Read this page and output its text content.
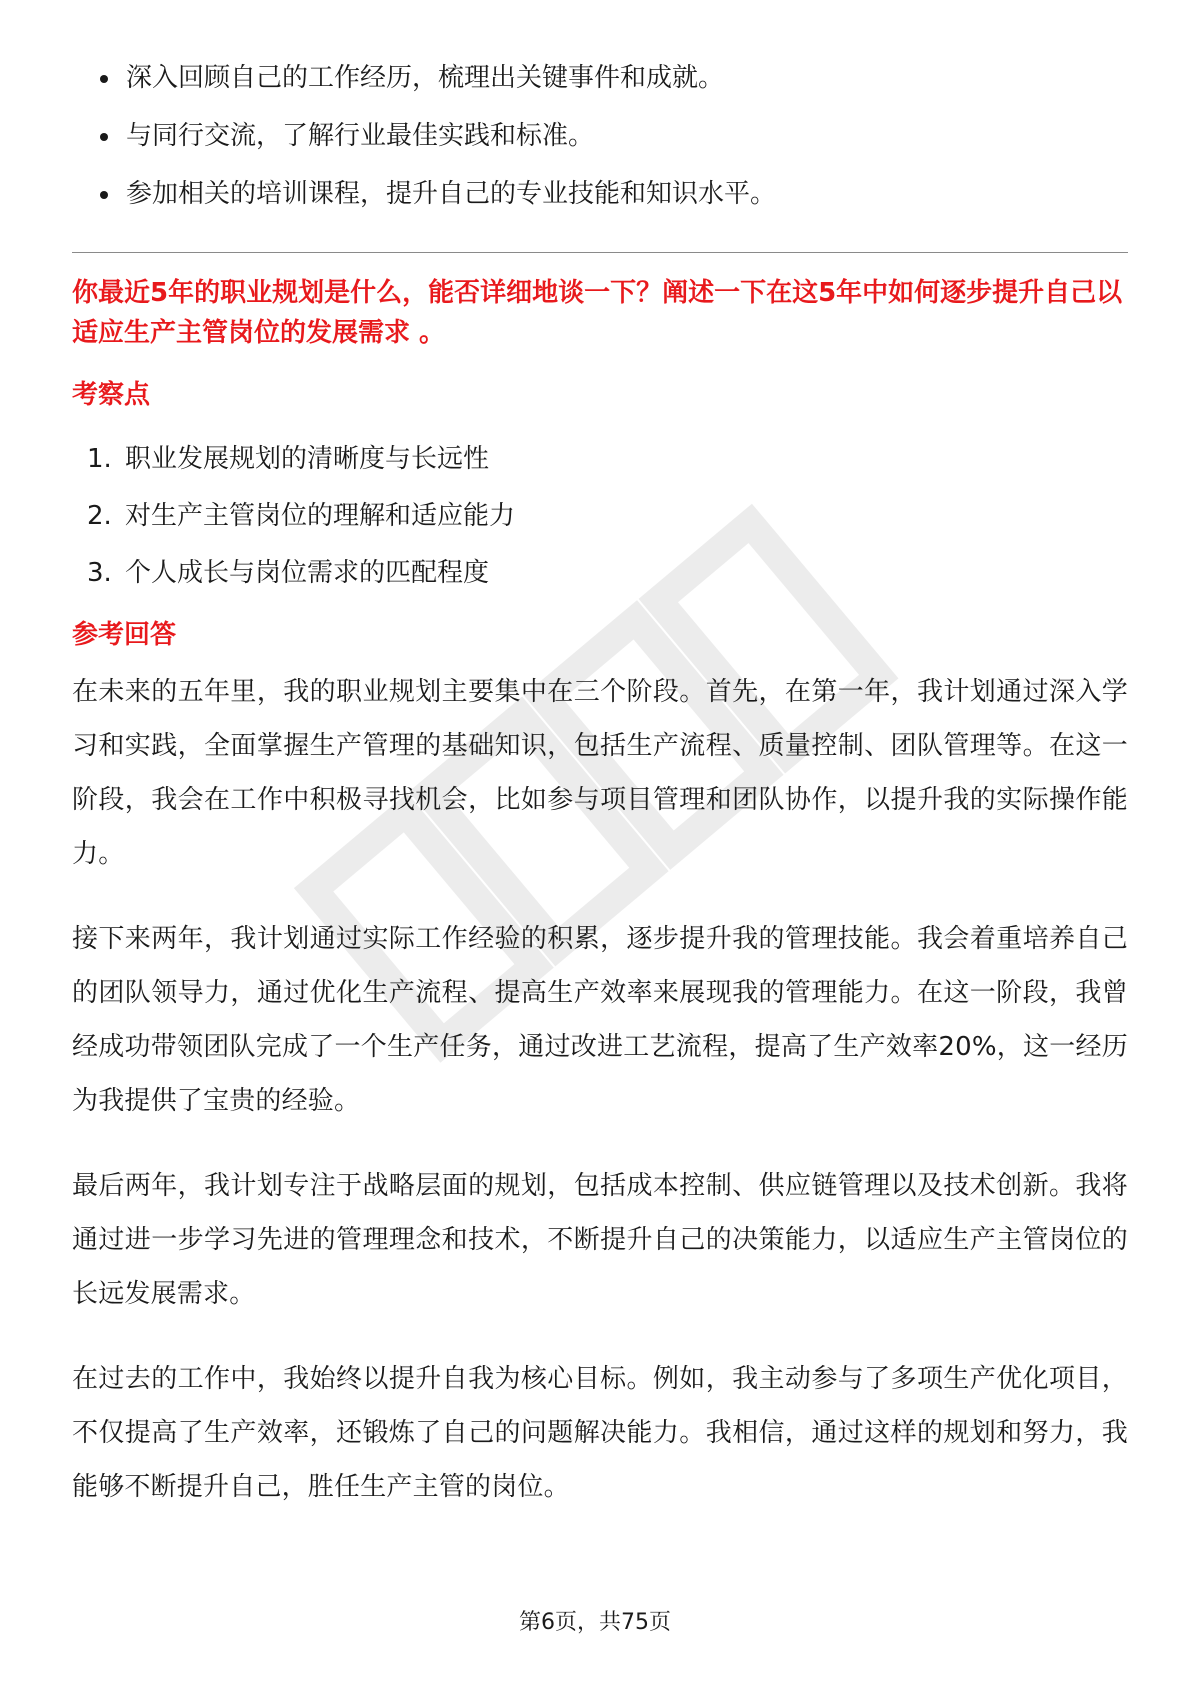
深入回顾自己的工作经历，梳理出关键事件和成就。
与同行交流，了解行业最佳实践和标准。
参加相关的培训课程，提升自己的专业技能和知识水平。

你最近5年的职业规划是什么，能否详细地谈一下？阐述一下在这5年中如何逐步提升自己以适应生产主管岗位的发展需求 。

考察点

1. 职业发展规划的清晰度与长远性
2. 对生产主管岗位的理解和适应能力
3. 个人成长与岗位需求的匹配程度

参考回答

在未来的五年里，我的职业规划主要集中在三个阶段。首先，在第一年，我计划通过深入学习和实践，全面掌握生产管理的基础知识，包括生产流程、质量控制、团队管理等。在这一阶段，我会在工作中积极寻找机会，比如参与项目管理和团队协作，以提升我的实际操作能力。

接下来两年，我计划通过实际工作经验的积累，逐步提升我的管理技能。我会着重培养自己的团队领导力，通过优化生产流程、提高生产效率来展现我的管理能力。在这一阶段，我曾经成功带领团队完成了一个生产任务，通过改进工艺流程，提高了生产效率20%，这一经历为我提供了宝贵的经验。

最后两年，我计划专注于战略层面的规划，包括成本控制、供应链管理以及技术创新。我将通过进一步学习先进的管理理念和技术，不断提升自己的决策能力，以适应生产主管岗位的长远发展需求。

在过去的工作中，我始终以提升自我为核心目标。例如，我主动参与了多项生产优化项目，不仅提高了生产效率，还锻炼了自己的问题解决能力。我相信，通过这样的规划和努力，我能够不断提升自己，胜任生产主管的岗位。

第6页，共75页
